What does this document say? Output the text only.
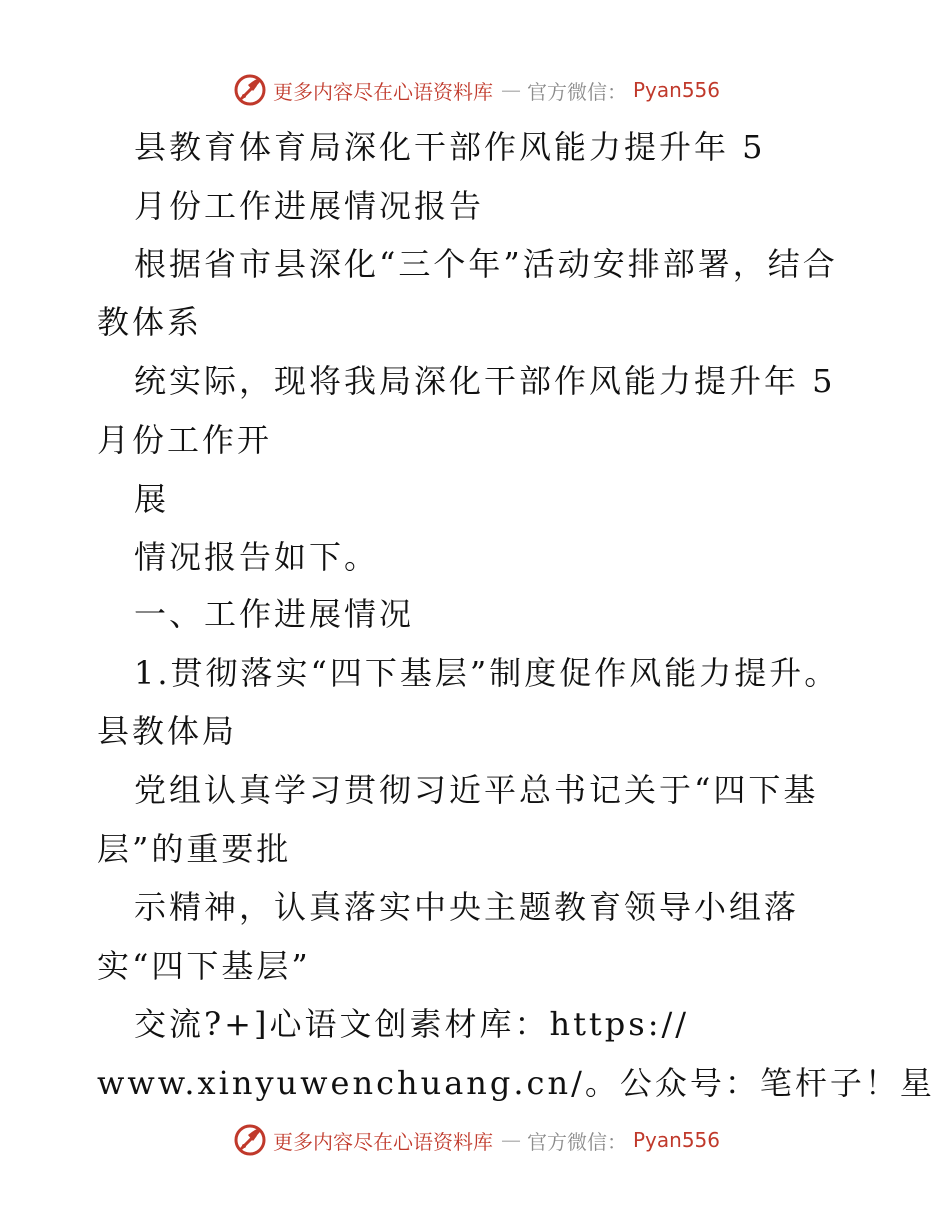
更多内容尽在心语资料库 — 官方微信： Pyan556
县教育体育局深化干部作风能力提升年 5
月份工作进展情况报告
根据省市县深化“三个年”活动安排部署，结合
教体系
统实际，现将我局深化干部作风能力提升年 5
月份工作开
展
情况报告如下。
一、工作进展情况
1.贯彻落实“四下基层”制度促作风能力提升。
县教体局
党组认真学习贯彻习近平总书记关于“四下基
层”的重要批
示精神，认真落实中央主题教育领导小组落
实“四下基层”
交流?+]心语文创素材库：https://
www.xinyuwenchuang.cn/。公众号：笔杆子！星
更多内容尽在心语资料库 — 官方微信： Pyan556
